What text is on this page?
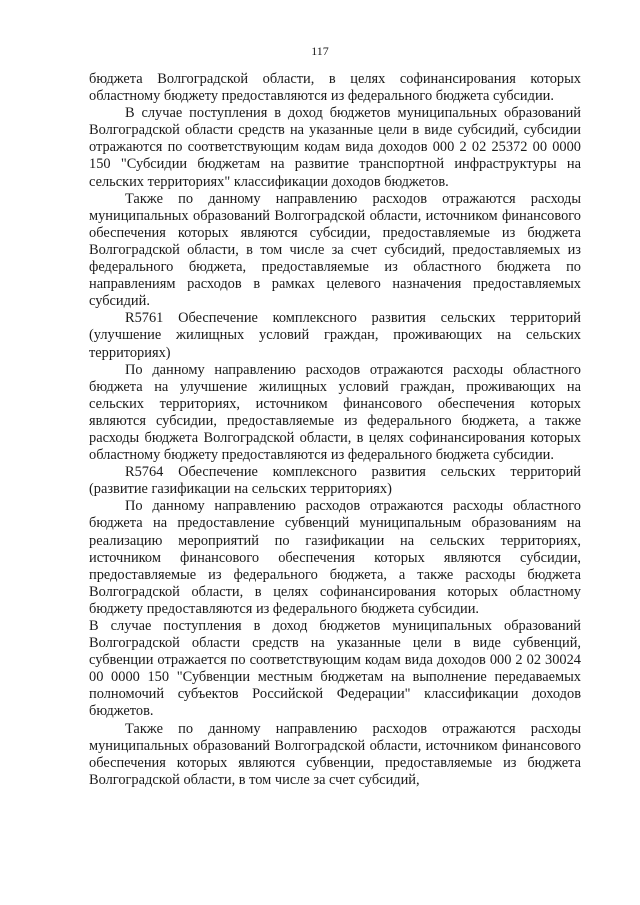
117

бюджета Волгоградской области, в целях софинансирования которых областному бюджету предоставляются из федерального бюджета субсидии.

В случае поступления в доход бюджетов муниципальных образований Волгоградской области средств на указанные цели в виде субсидий, субсидии отражаются по соответствующим кодам вида доходов 000 2 02 25372 00 0000 150 "Субсидии бюджетам на развитие транспортной инфраструктуры на сельских территориях" классификации доходов бюджетов.

Также по данному направлению расходов отражаются расходы муниципальных образований Волгоградской области, источником финансового обеспечения которых являются субсидии, предоставляемые из бюджета Волгоградской области, в том числе за счет субсидий, предоставляемых из федерального бюджета, предоставляемые из областного бюджета по направлениям расходов в рамках целевого назначения предоставляемых субсидий.

R5761 Обеспечение комплексного развития сельских территорий (улучшение жилищных условий граждан, проживающих на сельских территориях)

По данному направлению расходов отражаются расходы областного бюджета на улучшение жилищных условий граждан, проживающих на сельских территориях, источником финансового обеспечения которых являются субсидии, предоставляемые из федерального бюджета, а также расходы бюджета Волгоградской области, в целях софинансирования которых областному бюджету предоставляются из федерального бюджета субсидии.

R5764 Обеспечение комплексного развития сельских территорий (развитие газификации на сельских территориях)

По данному направлению расходов отражаются расходы областного бюджета на предоставление субвенций муниципальным образованиям на реализацию мероприятий по газификации на сельских территориях, источником финансового обеспечения которых являются субсидии, предоставляемые из федерального бюджета, а также расходы бюджета Волгоградской области, в целях софинансирования которых областному бюджету предоставляются из федерального бюджета субсидии.

В случае поступления в доход бюджетов муниципальных образований Волгоградской области средств на указанные цели в виде субвенций, субвенции отражается по соответствующим кодам вида доходов 000 2 02 30024 00 0000 150 "Субвенции местным бюджетам на выполнение передаваемых полномочий субъектов Российской Федерации" классификации доходов бюджетов.

Также по данному направлению расходов отражаются расходы муниципальных образований Волгоградской области, источником финансового обеспечения которых являются субвенции, предоставляемые из бюджета Волгоградской области, в том числе за счет субсидий,
